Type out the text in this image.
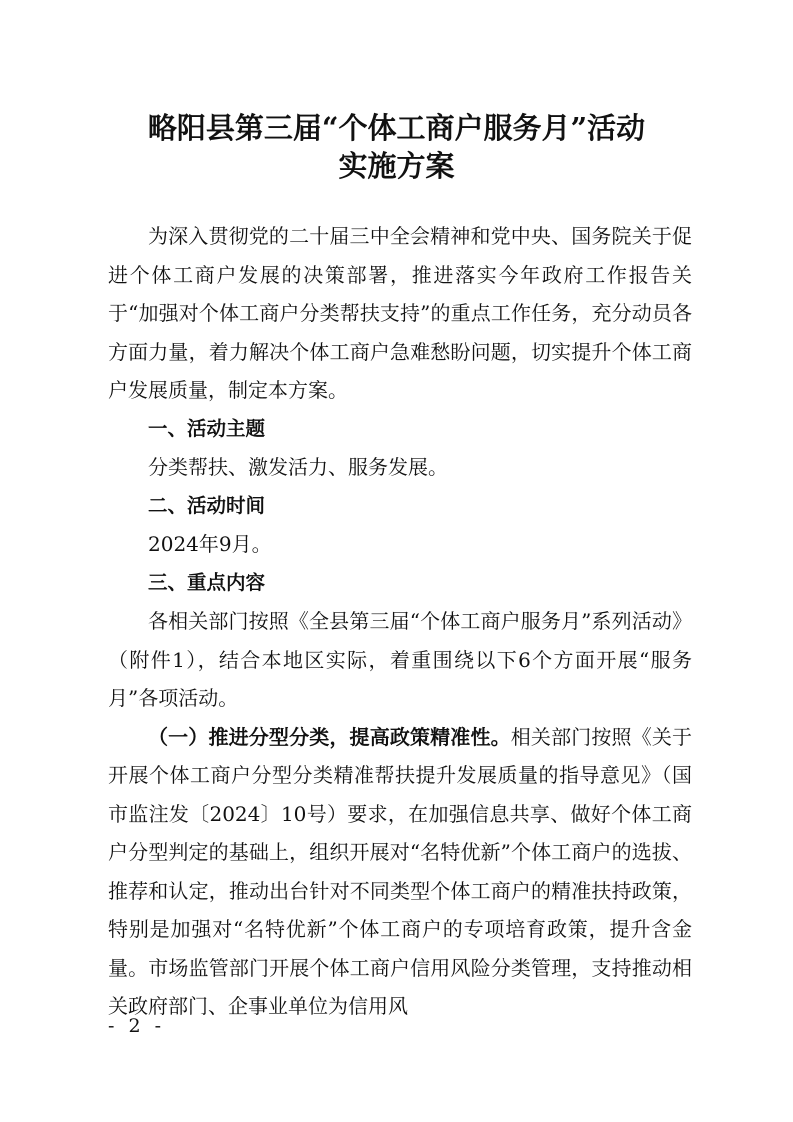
略阳县第三届“个体工商户服务月”活动
实施方案

为深入贯彻党的二十届三中全会精神和党中央、国务院关于促进个体工商户发展的决策部署，推进落实今年政府工作报告关于“加强对个体工商户分类帮扶支持”的重点工作任务，充分动员各方面力量，着力解决个体工商户急难愁盼问题，切实提升个体工商户发展质量，制定本方案。

一、活动主题

分类帮扶、激发活力、服务发展。

二、活动时间

2024年9月。

三、重点内容

各相关部门按照《全县第三届“个体工商户服务月”系列活动》（附件1），结合本地区实际，着重围绕以下6个方面开展“服务月”各项活动。

（一）推进分型分类，提高政策精准性。相关部门按照《关于开展个体工商户分型分类精准帮扶提升发展质量的指导意见》（国市监注发〔2024〕10号）要求，在加强信息共享、做好个体工商户分型判定的基础上，组织开展对“名特优新”个体工商户的选拔、推荐和认定，推动出台针对不同类型个体工商户的精准扶持政策，特别是加强对“名特优新”个体工商户的专项培育政策，提升含金量。市场监管部门开展个体工商户信用风险分类管理，支持推动相关政府部门、企事业单位为信用风

- 2 -
